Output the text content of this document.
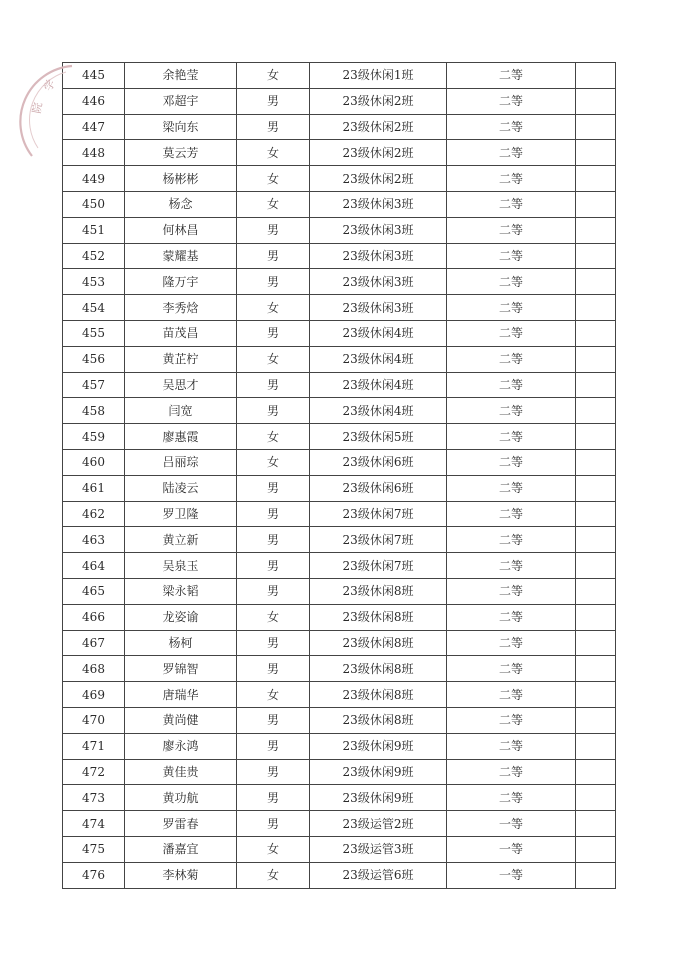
445	余艳莹	女	23级休闲1班	二等	
446	邓超宇	男	23级休闲2班	二等	
447	梁向东	男	23级休闲2班	二等	
448	莫云芳	女	23级休闲2班	二等	
449	杨彬彬	女	23级休闲2班	二等	
450	杨念	女	23级休闲3班	二等	
451	何林昌	男	23级休闲3班	二等	
452	蒙耀基	男	23级休闲3班	二等	
453	隆万宇	男	23级休闲3班	二等	
454	李秀焓	女	23级休闲3班	二等	
455	苗茂昌	男	23级休闲4班	二等	
456	黄芷柠	女	23级休闲4班	二等	
457	吴思才	男	23级休闲4班	二等	
458	闫宽	男	23级休闲4班	二等	
459	廖惠霞	女	23级休闲5班	二等	
460	吕丽琮	女	23级休闲6班	二等	
461	陆凌云	男	23级休闲6班	二等	
462	罗卫隆	男	23级休闲7班	二等	
463	黄立新	男	23级休闲7班	二等	
464	吴泉玉	男	23级休闲7班	二等	
465	梁永韬	男	23级休闲8班	二等	
466	龙姿谕	女	23级休闲8班	二等	
467	杨柯	男	23级休闲8班	二等	
468	罗锦智	男	23级休闲8班	二等	
469	唐瑞华	女	23级休闲8班	二等	
470	黄尚健	男	23级休闲8班	二等	
471	廖永鸿	男	23级休闲9班	二等	
472	黄佳贵	男	23级休闲9班	二等	
473	黄功航	男	23级休闲9班	二等	
474	罗雷春	男	23级运管2班	一等	
475	潘嘉宜	女	23级运管3班	一等	
476	李林菊	女	23级运管6班	一等	
学
院
